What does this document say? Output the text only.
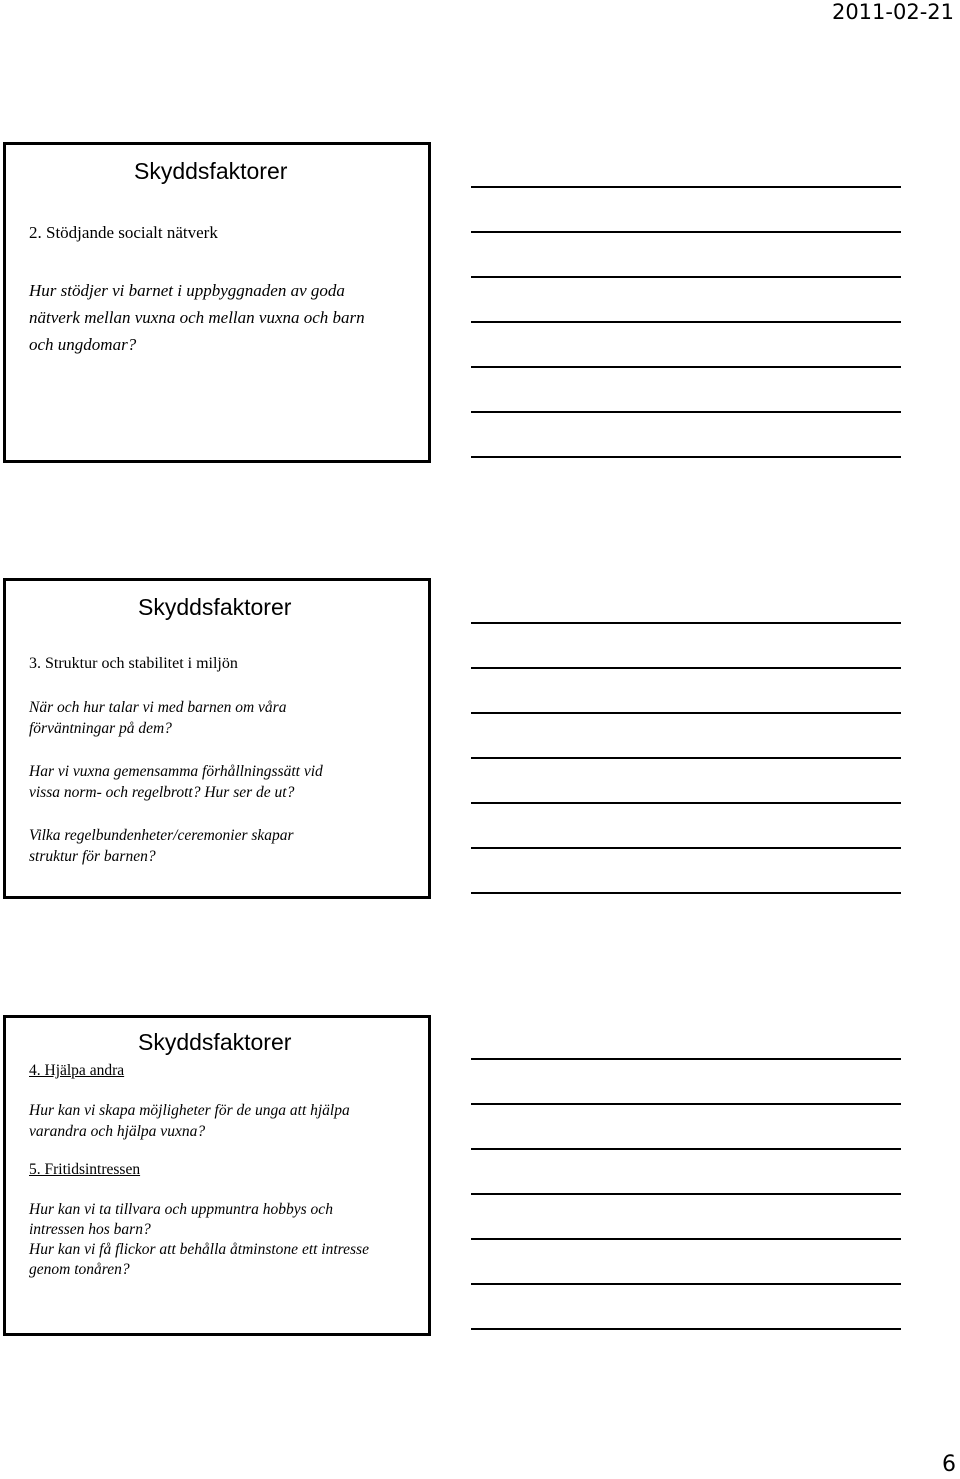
2011-02-21
Skyddsfaktorer
2. Stödjande socialt nätverk
Hur stödjer vi barnet i uppbyggnaden av goda
nätverk mellan vuxna och mellan vuxna och barn
och ungdomar?
Skyddsfaktorer
3. Struktur och stabilitet i miljön
När och hur talar vi med barnen om våra
förväntningar på dem?
Har vi vuxna gemensamma förhållningssätt vid
vissa norm- och regelbrott? Hur ser de ut?
Vilka regelbundenheter/ceremonier skapar
struktur för barnen?
Skyddsfaktorer
4. Hjälpa andra
Hur kan vi skapa möjligheter för de unga att hjälpa
varandra och hjälpa vuxna?
5. Fritidsintressen
Hur kan vi ta tillvara och uppmuntra hobbys och
intressen hos barn?
Hur kan vi få flickor att behålla åtminstone ett intresse
genom tonåren?
6
